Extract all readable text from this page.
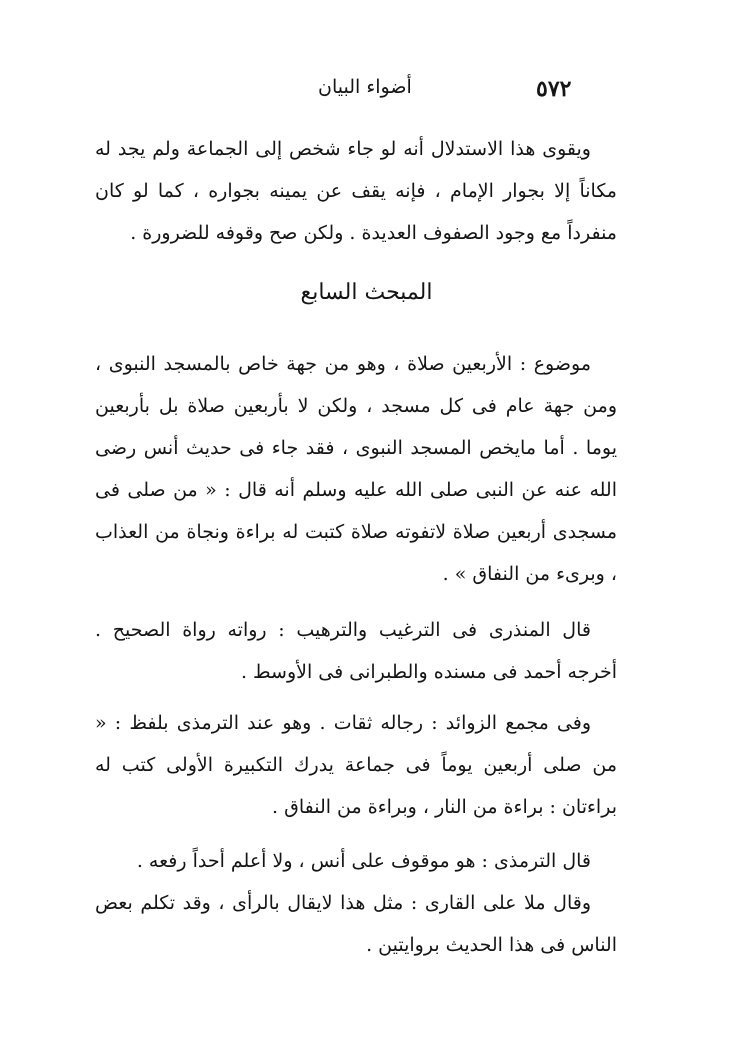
٥٧٢
أضواء البيان

ويقوى هذا الاستدلال أنه لو جاء شخص إلى الجماعة ولم يجد له مكاناً إلا بجوار الإمام ، فإنه يقف عن يمينه بجواره ، كما لو كان منفرداً مع وجود الصفوف العديدة . ولكن صح وقوفه للضرورة .

المبحث السابع

موضوع : الأربعين صلاة ، وهو من جهة خاص بالمسجد النبوى ، ومن جهة عام فى كل مسجد ، ولكن لا بأربعين صلاة بل بأربعين يوما . أما مايخص المسجد النبوى ، فقد جاء فى حديث أنس رضى الله عنه عن النبى صلى الله عليه وسلم أنه قال : « من صلى فى مسجدى أربعين صلاة لاتفوته صلاة كتبت له براءة ونجاة من العذاب ، وبرىء من النفاق » .

قال المنذرى فى الترغيب والترهيب : رواته رواة الصحيح . أخرجه أحمد فى مسنده والطبرانى فى الأوسط .

وفى مجمع الزوائد : رجاله ثقات . وهو عند الترمذى بلفظ : « من صلى أربعين يوماً فى جماعة يدرك التكبيرة الأولى كتب له براءتان : براءة من النار ، وبراءة من النفاق .

قال الترمذى : هو موقوف على أنس ، ولا أعلم أحداً رفعه .

وقال ملا على القارى : مثل هذا لايقال بالرأى ، وقد تكلم بعض الناس فى هذا الحديث بروايتين .
